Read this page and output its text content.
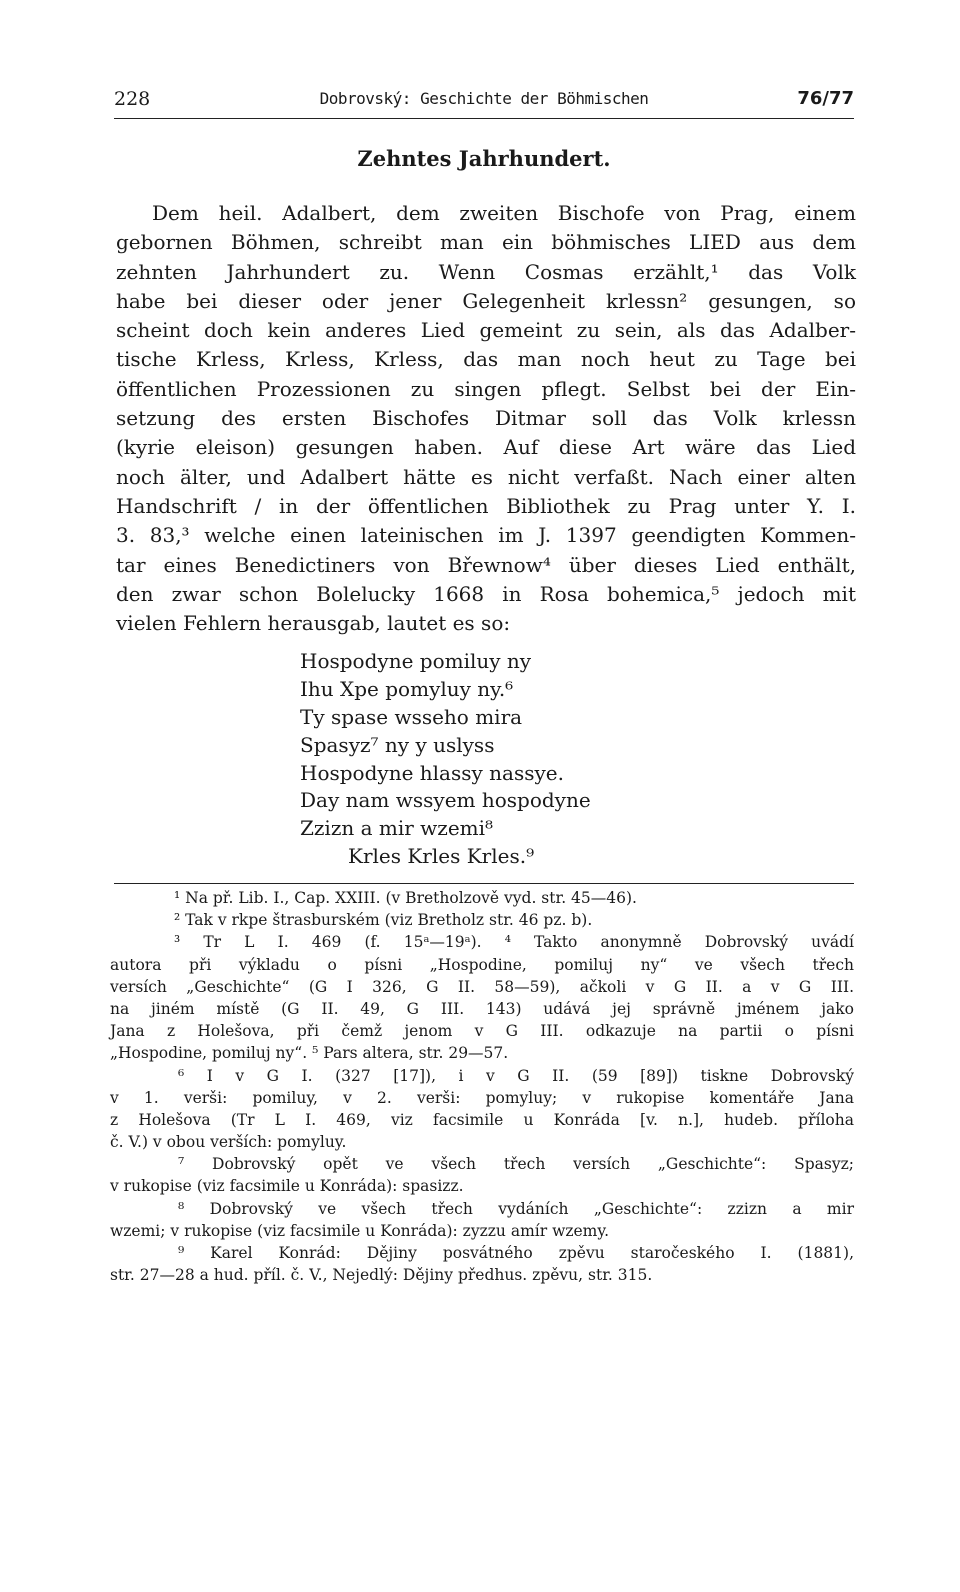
228	Dobrovský: Geschichte der Böhmischen	76/77
Zehntes Jahrhundert.
Dem heil. Adalbert, dem zweiten Bischofe von Prag, einem
gebornen Böhmen, schreibt man ein böhmisches LIED aus dem
zehnten Jahrhundert zu. Wenn Cosmas erzählt,¹ das Volk
habe bei dieser oder jener Gelegenheit krlessn² gesungen, so
scheint doch kein anderes Lied gemeint zu sein, als das Adalber-
tische Krless, Krless, Krless, das man noch heut zu Tage bei
öffentlichen Prozessionen zu singen pflegt. Selbst bei der Ein-
setzung des ersten Bischofes Ditmar soll das Volk krlessn
(kyrie eleison) gesungen haben. Auf diese Art wäre das Lied
noch älter, und Adalbert hätte es nicht verfaßt. Nach einer alten
Handschrift / in der öffentlichen Bibliothek zu Prag unter Y. I.
3. 83,³ welche einen lateinischen im J. 1397 geendigten Kommen-
tar eines Benedictiners von Břewnow⁴ über dieses Lied enthält,
den zwar schon Bolelucky 1668 in Rosa bohemica,⁵ jedoch mit
vielen Fehlern herausgab, lautet es so:
Hospodyne pomiluy ny
Ihu Xpe pomyluy ny.⁶
Ty spase wsseho mira
Spasyz⁷ ny y uslyss
Hospodyne hlassy nassye.
Day nam wssyem hospodyne
Zzizn a mir wzemi⁸
Krles Krles Krles.⁹
¹ Na př. Lib. I., Cap. XXIII. (v Bretholzově vyd. str. 45—46).
² Tak v rkpe štrasburském (viz Bretholz str. 46 pz. b).
³ Tr L I. 469 (f. 15ᵃ—19ᵃ). ⁴ Takto anonymně Dobrovský uvádí
autora při výkladu o písni „Hospodine, pomiluj ny“ ve všech třech
versích „Geschichte“ (G I 326, G II. 58—59), ačkoli v G II. a v G III.
na jiném místě (G II. 49, G III. 143) udává jej správně jménem jako
Jana z Holešova, při čemž jenom v G III. odkazuje na partii o písni
„Hospodine, pomiluj ny“. ⁵ Pars altera, str. 29—57.
⁶ I v G I. (327 [17]), i v G II. (59 [89]) tiskne Dobrovský
v 1. verši: pomiluy, v 2. verši: pomyluy; v rukopise komentáře Jana
z Holešova (Tr L I. 469, viz facsimile u Konráda [v. n.], hudeb. příloha
č. V.) v obou verších: pomyluy.
⁷ Dobrovský opět ve všech třech versích „Geschichte“: Spasyz;
v rukopise (viz facsimile u Konráda): spasizz.
⁸ Dobrovský ve všech třech vydáních „Geschichte“: zzizn a mir
wzemi; v rukopise (viz facsimile u Konráda): zyzzu amír wzemy.
⁹ Karel Konrád: Dějiny posvátného zpěvu staročeského I. (1881),
str. 27—28 a hud. příl. č. V., Nejedlý: Dějiny předhus. zpěvu, str. 315.
